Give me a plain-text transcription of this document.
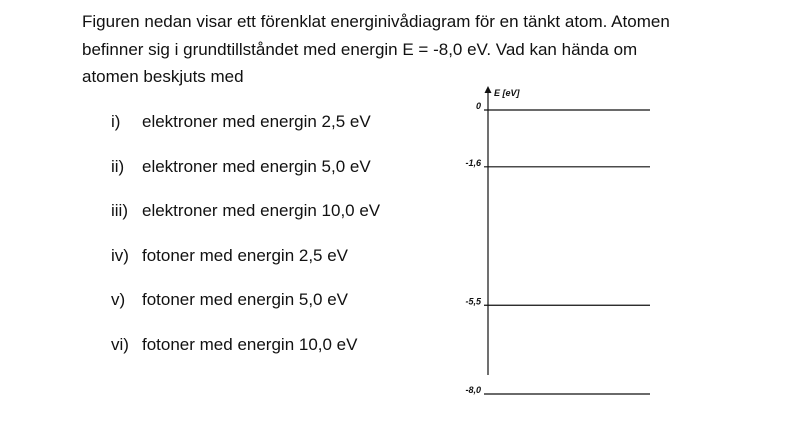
Figuren nedan visar ett förenklat energinivådiagram för en tänkt atom. Atomen
befinner sig i grundtillståndet med energin E = -8,0 eV. Vad kan hända om
atomen beskjuts med
i) elektroner med energin 2,5 eV
ii) elektroner med energin 5,0 eV
iii) elektroner med energin 10,0 eV
iv) fotoner med energin 2,5 eV
v) fotoner med energin 5,0 eV
vi) fotoner med energin 10,0 eV
E [eV]
0
-1,6
-5,5
-8,0
